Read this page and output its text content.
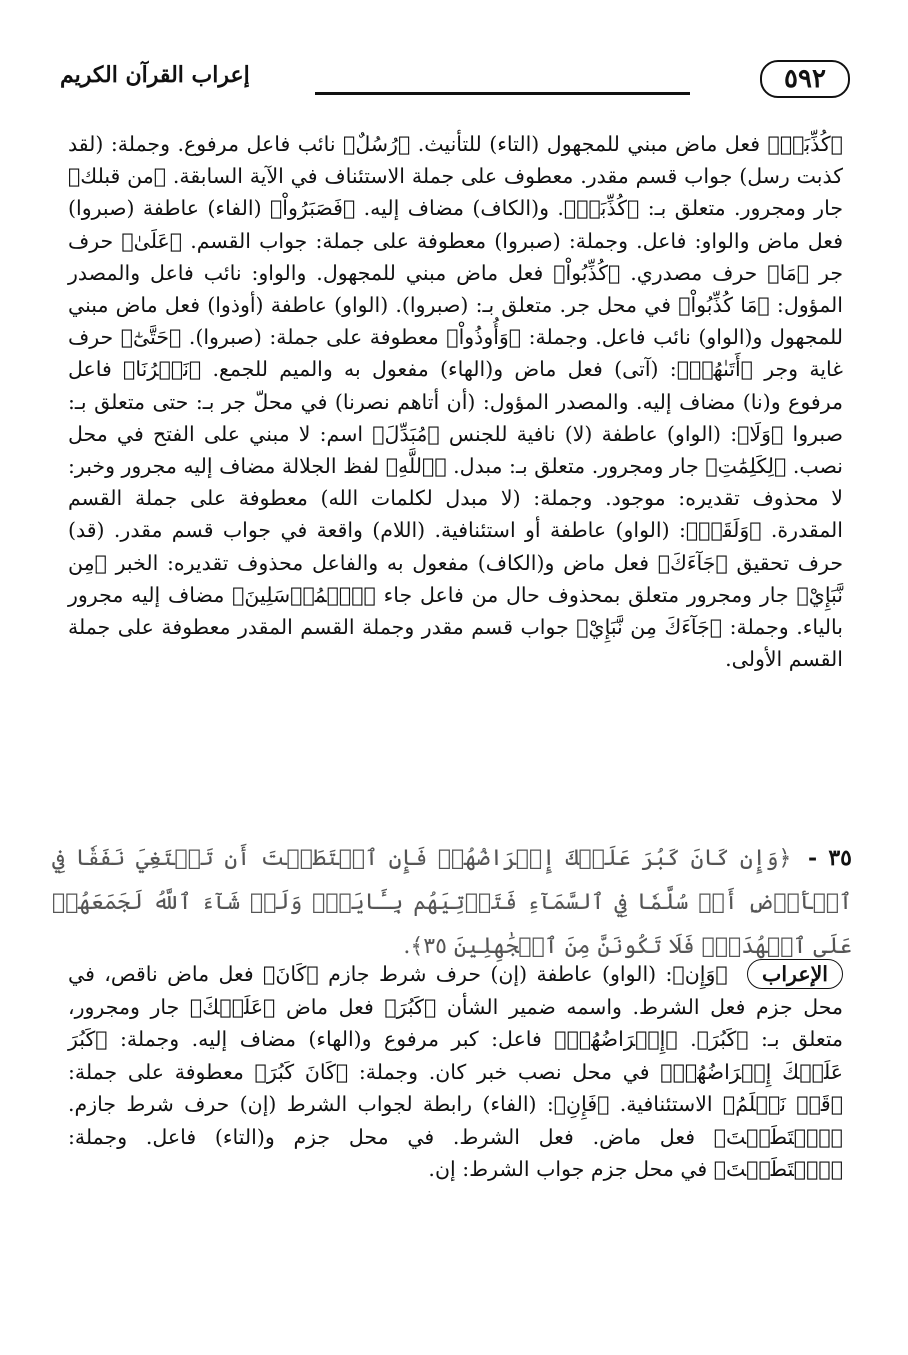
٥٩٢
إعراب القرآن الكريم

﴿كُذِّبَتۡ﴾ فعل ماض مبني للمجهول (التاء) للتأنيث. ﴿رُسُلٌ﴾ نائب فاعل مرفوع. وجملة: (لقد كذبت رسل) جواب قسم مقدر. معطوف على جملة الاستئناف في الآية السابقة. ﴿من قبلك﴾ جار ومجرور. متعلق بـ: ﴿كُذِّبَتۡ﴾. و(الكاف) مضاف إليه. ﴿فَصَبَرُواْ﴾ (الفاء) عاطفة (صبروا) فعل ماض والواو: فاعل. وجملة: (صبروا) معطوفة على جملة: جواب القسم. ﴿عَلَىٰ﴾ حرف جر ﴿مَا﴾ حرف مصدري. ﴿كُذِّبُواْ﴾ فعل ماض مبني للمجهول. والواو: نائب فاعل والمصدر المؤول: ﴿مَا كُذِّبُواْ﴾ في محل جر. متعلق بـ: (صبروا). (الواو) عاطفة (أوذوا) فعل ماض مبني للمجهول و(الواو) نائب فاعل. وجملة: ﴿وَأُوذُواْ﴾ معطوفة على جملة: (صبروا). ﴿حَتَّىٰٓ﴾ حرف غاية وجر ﴿أَتَىٰهُمۡ﴾: (آتى) فعل ماض و(الهاء) مفعول به والميم للجمع. ﴿نَصۡرُنَا﴾ فاعل مرفوع و(نا) مضاف إليه. والمصدر المؤول: (أن أتاهم نصرنا) في محلّ جر بـ: حتى متعلق بـ: صبروا ﴿وَلَا﴾: (الواو) عاطفة (لا) نافية للجنس ﴿مُبَدِّلَ﴾ اسم: لا مبني على الفتح في محل نصب. ﴿لِكَلِمَٰتِ﴾ جار ومجرور. متعلق بـ: مبدل. ﴿ٱللَّهِ﴾ لفظ الجلالة مضاف إليه مجرور وخبر: لا محذوف تقديره: موجود. وجملة: (لا مبدل لكلمات الله) معطوفة على جملة القسم المقدرة. ﴿وَلَقَدۡ﴾: (الواو) عاطفة أو استئنافية. (اللام) واقعة في جواب قسم مقدر. (قد) حرف تحقيق ﴿جَآءَكَ﴾ فعل ماض و(الكاف) مفعول به والفاعل محذوف تقديره: الخبر ﴿مِن نَّبَإِيْ﴾ جار ومجرور متعلق بمحذوف حال من فاعل جاء ﴿ٱلۡمُرۡسَلِينَ﴾ مضاف إليه مجرور بالياء. وجملة: ﴿جَآءَكَ مِن نَّبَإِيْ﴾ جواب قسم مقدر وجملة القسم المقدر معطوفة على جملة القسم الأولى.

٣٥ - ﴿وَإِن كَانَ كَبُرَ عَلَيۡكَ إِعۡرَاضُهُمۡ فَإِنِ ٱسۡتَطَعۡتَ أَن تَبۡتَغِيَ نَفَقٗا فِي ٱلۡأَرۡضِ أَوۡ سُلَّمٗا فِي ٱلسَّمَآءِ فَتَأۡتِيَهُم بِـَٔايَةٖۚ وَلَوۡ شَآءَ ٱللَّهُ لَجَمَعَهُمۡ عَلَى ٱلۡهُدَىٰۚ فَلَا تَكُونَنَّ مِنَ ٱلۡجَٰهِلِينَ ٣٥﴾.
الإعراب ﴿وَإِن﴾: (الواو) عاطفة (إن) حرف شرط جازم ﴿كَانَ﴾ فعل ماض ناقص، في محل جزم فعل الشرط. واسمه ضمير الشأن ﴿كَبُرَ﴾ فعل ماض ﴿عَلَيۡكَ﴾ جار ومجرور، متعلق بـ: ﴿كَبُرَ﴾. ﴿إِعۡرَاضُهُمۡ﴾ فاعل: كبر مرفوع و(الهاء) مضاف إليه. وجملة: ﴿كَبُرَ عَلَيۡكَ إِعۡرَاضُهُمۡ﴾ في محل نصب خبر كان. وجملة: ﴿كَانَ كَبُرَ﴾ معطوفة على جملة: ﴿قَدۡ نَعۡلَمُ﴾ الاستئنافية. ﴿فَإِنِ﴾: (الفاء) رابطة لجواب الشرط (إن) حرف شرط جازم. ﴿ٱسۡتَطَعۡتَ﴾ فعل ماض. فعل الشرط. في محل جزم و(التاء) فاعل. وجملة: ﴿ٱسۡتَطَعۡتَ﴾ في محل جزم جواب الشرط: إن.
